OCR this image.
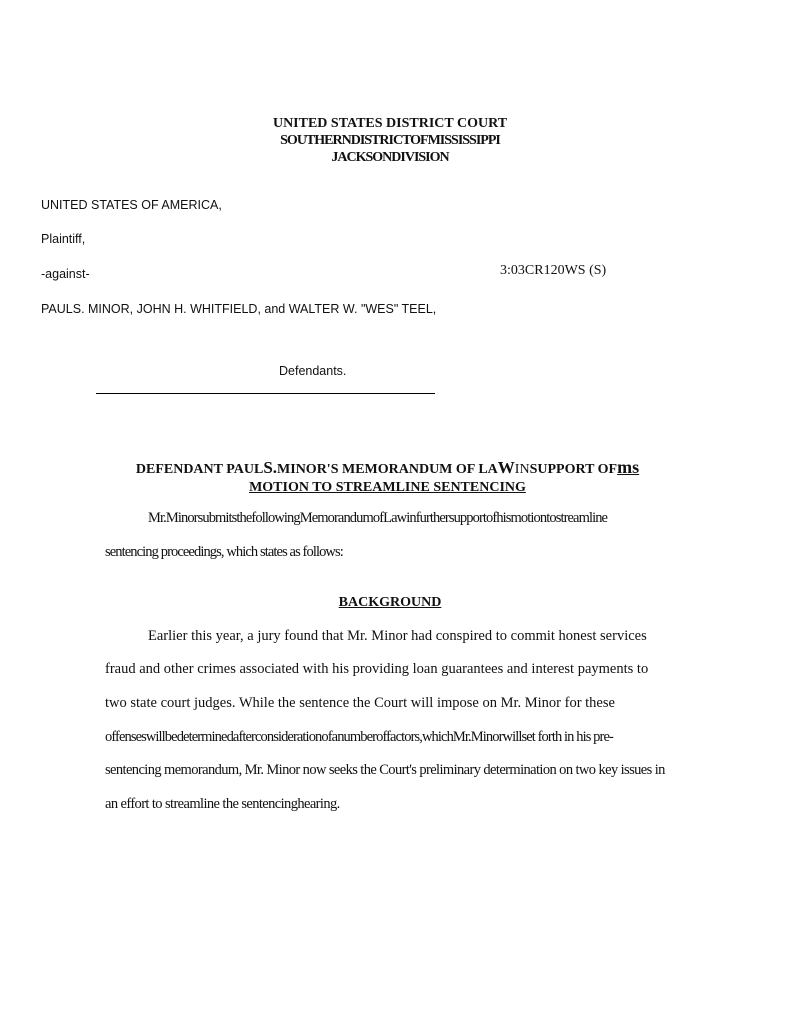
UNITED STATES DISTRICT COURT
SOUTHERNDISTRICTOFMISSISSIPPI
JACKSONDIVISION
UNITED STATES OF AMERICA,
Plaintiff,
-against-	3:03CR120WS (S)
PAULS. MINOR, JOHN H. WHITFIELD, and WALTER W. "WES" TEEL,
Defendants.
DEFENDANT PAULS.MINOR'S MEMORANDUM OF LAWINSUPPORT OFms
MOTION TO STREAMLINE SENTENCING
Mr.MinorsubmitsthefollowingMemorandumofLawinfurthersupportofhismotiontostreamline
sentencing proceedings, which states as follows:
BACKGROUND
Earlier this year, a jury found that Mr. Minor had conspired to commit honest services
fraud and other crimes associated with his providing loan guarantees and interest payments to
two state court judges. While the sentence the Court will impose on Mr. Minor for these
offenseswillbedeterminedafterconsiderationofanumberoffactors,whichMr.Minorwillset forth in his pre-
sentencing memorandum, Mr. Minor now seeks the Court's preliminary determination on two key issues in
an effort to streamline the sentencinghearing.
